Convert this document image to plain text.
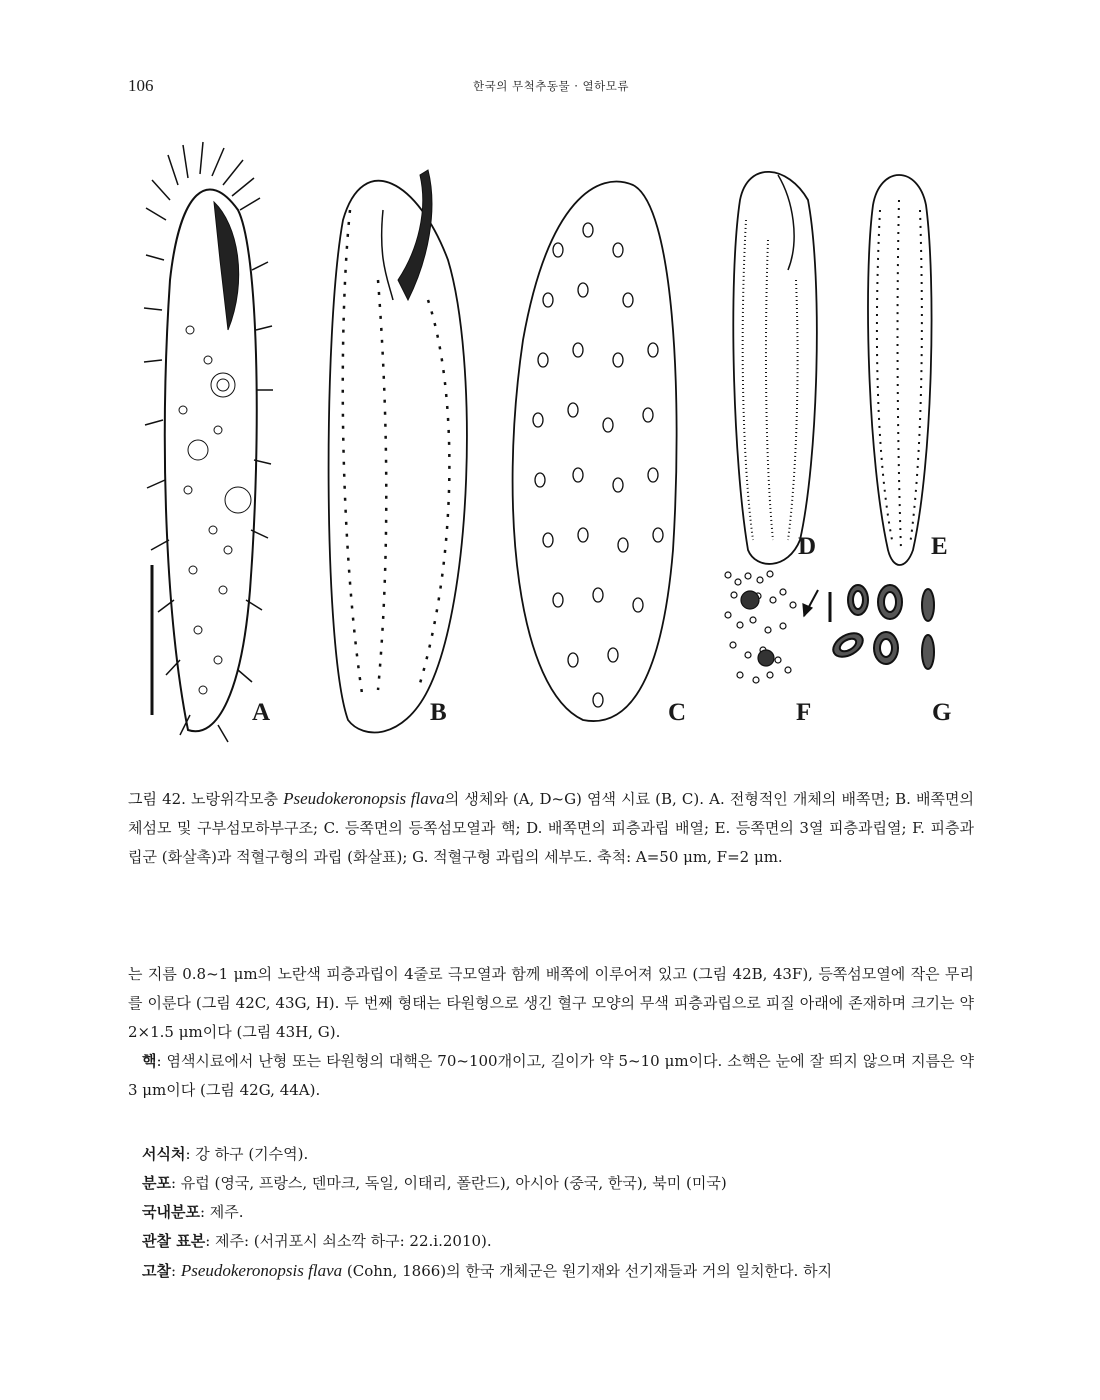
106	한국의 무척추동물 · 열하모류
A	B	C
D	E
F	G
그림 42. 노랑위각모충 Pseudokeronopsis flava의 생체와 (A, D~G) 염색 시료 (B, C). A. 전형적인 개체의 배쪽면; B. 배쪽면의 체섬모 및 구부섬모하부구조; C. 등쪽면의 등쪽섬모열과 핵; D. 배쪽면의 피층과립 배열; E. 등쪽면의 3열 피층과립열; F. 피층과립군 (화살촉)과 적혈구형의 과립 (화살표); G. 적혈구형 과립의 세부도. 축척: A=50 μm, F=2 μm.

는 지름 0.8~1 μm의 노란색 피층과립이 4줄로 극모열과 함께 배쪽에 이루어져 있고 (그림 42B, 43F), 등쪽섬모열에 작은 무리를 이룬다 (그림 42C, 43G, H). 두 번째 형태는 타원형으로 생긴 혈구 모양의 무색 피층과립으로 피질 아래에 존재하며 크기는 약 2×1.5 μm이다 (그림 43H, G).

핵: 염색시료에서 난형 또는 타원형의 대핵은 70~100개이고, 길이가 약 5~10 μm이다. 소핵은 눈에 잘 띄지 않으며 지름은 약 3 μm이다 (그림 42G, 44A).

서식처: 강 하구 (기수역).

분포: 유럽 (영국, 프랑스, 덴마크, 독일, 이태리, 폴란드), 아시아 (중국, 한국), 북미 (미국)

국내분포: 제주.

관찰 표본: 제주: (서귀포시 쇠소깍 하구: 22.i.2010).

고찰: Pseudokeronopsis flava (Cohn, 1866)의 한국 개체군은 원기재와 선기재들과 거의 일치한다. 하지
